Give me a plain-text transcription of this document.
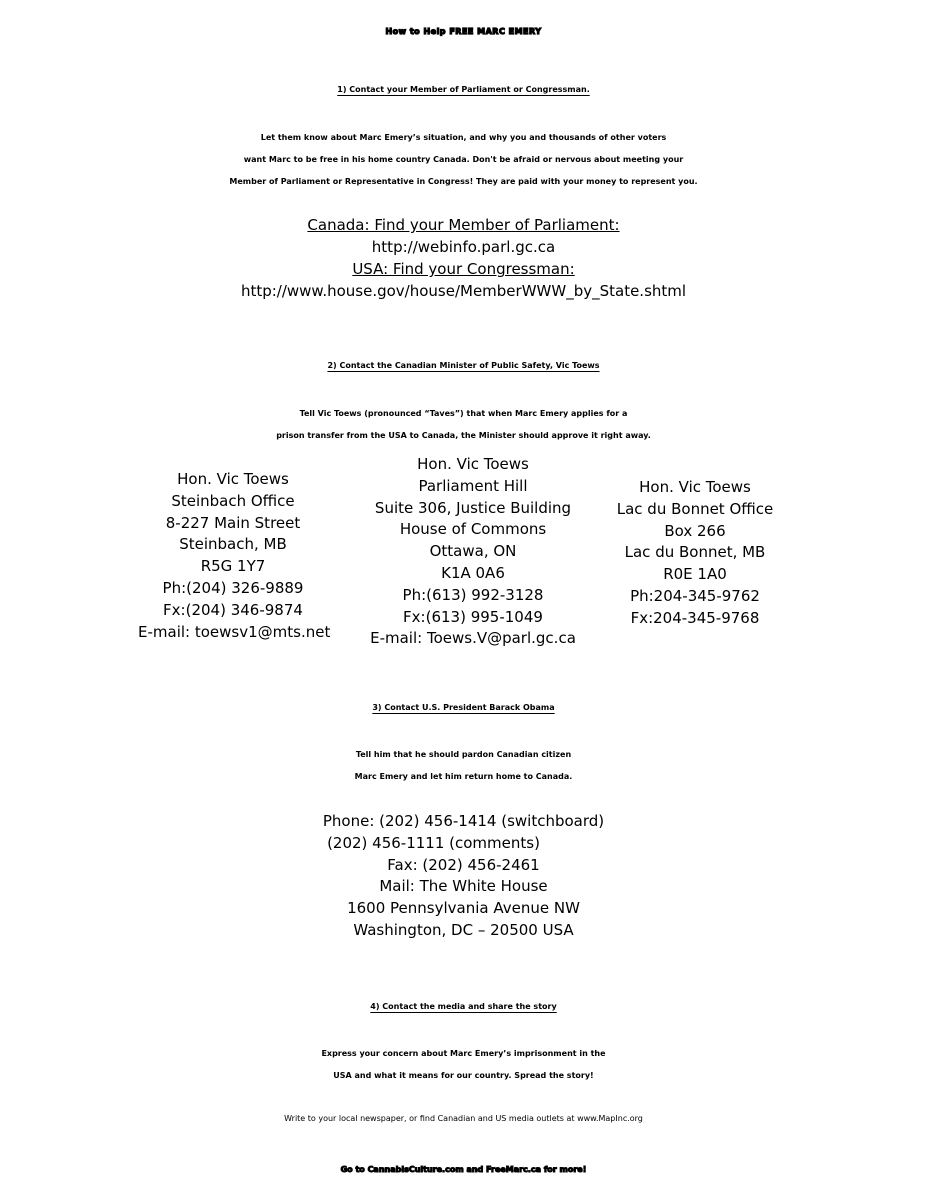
How to Help FREE MARC EMERY
1) Contact your Member of Parliament or Congressman.
Let them know about Marc Emery’s situation, and why you and thousands of other voters
want Marc to be free in his home country Canada. Don't be afraid or nervous about meeting your
Member of Parliament or Representative in Congress! They are paid with your money to represent you.
Canada: Find your Member of Parliament:
http://webinfo.parl.gc.ca
USA: Find your Congressman:
http://www.house.gov/house/MemberWWW_by_State.shtml
2) Contact the Canadian Minister of Public Safety, Vic Toews
Tell Vic Toews (pronounced “Taves”) that when Marc Emery applies for a
prison transfer from the USA to Canada, the Minister should approve it right away.
Hon. Vic Toews
Steinbach Office
8-227 Main Street
Steinbach, MB
R5G 1Y7
Ph:(204) 326-9889
Fx:(204) 346-9874
E-mail: toewsv1@mts.net
Hon. Vic Toews
Parliament Hill
Suite 306, Justice Building
House of Commons
Ottawa, ON
K1A 0A6
Ph:(613) 992-3128
Fx:(613) 995-1049
E-mail: Toews.V@parl.gc.ca
Hon. Vic Toews
Lac du Bonnet Office
Box 266
Lac du Bonnet, MB
R0E 1A0
Ph:204-345-9762
Fx:204-345-9768
3) Contact U.S. President Barack Obama
Tell him that he should pardon Canadian citizen
Marc Emery and let him return home to Canada.
Phone: (202) 456-1414 (switchboard)
(202) 456-1111 (comments)
Fax: (202) 456-2461
Mail: The White House
1600 Pennsylvania Avenue NW
Washington, DC – 20500 USA
4) Contact the media and share the story
Express your concern about Marc Emery’s imprisonment in the
USA and what it means for our country. Spread the story!
Write to your local newspaper, or find Canadian and US media outlets at www.MapInc.org
Go to CannabisCulture.com and FreeMarc.ca for more!
